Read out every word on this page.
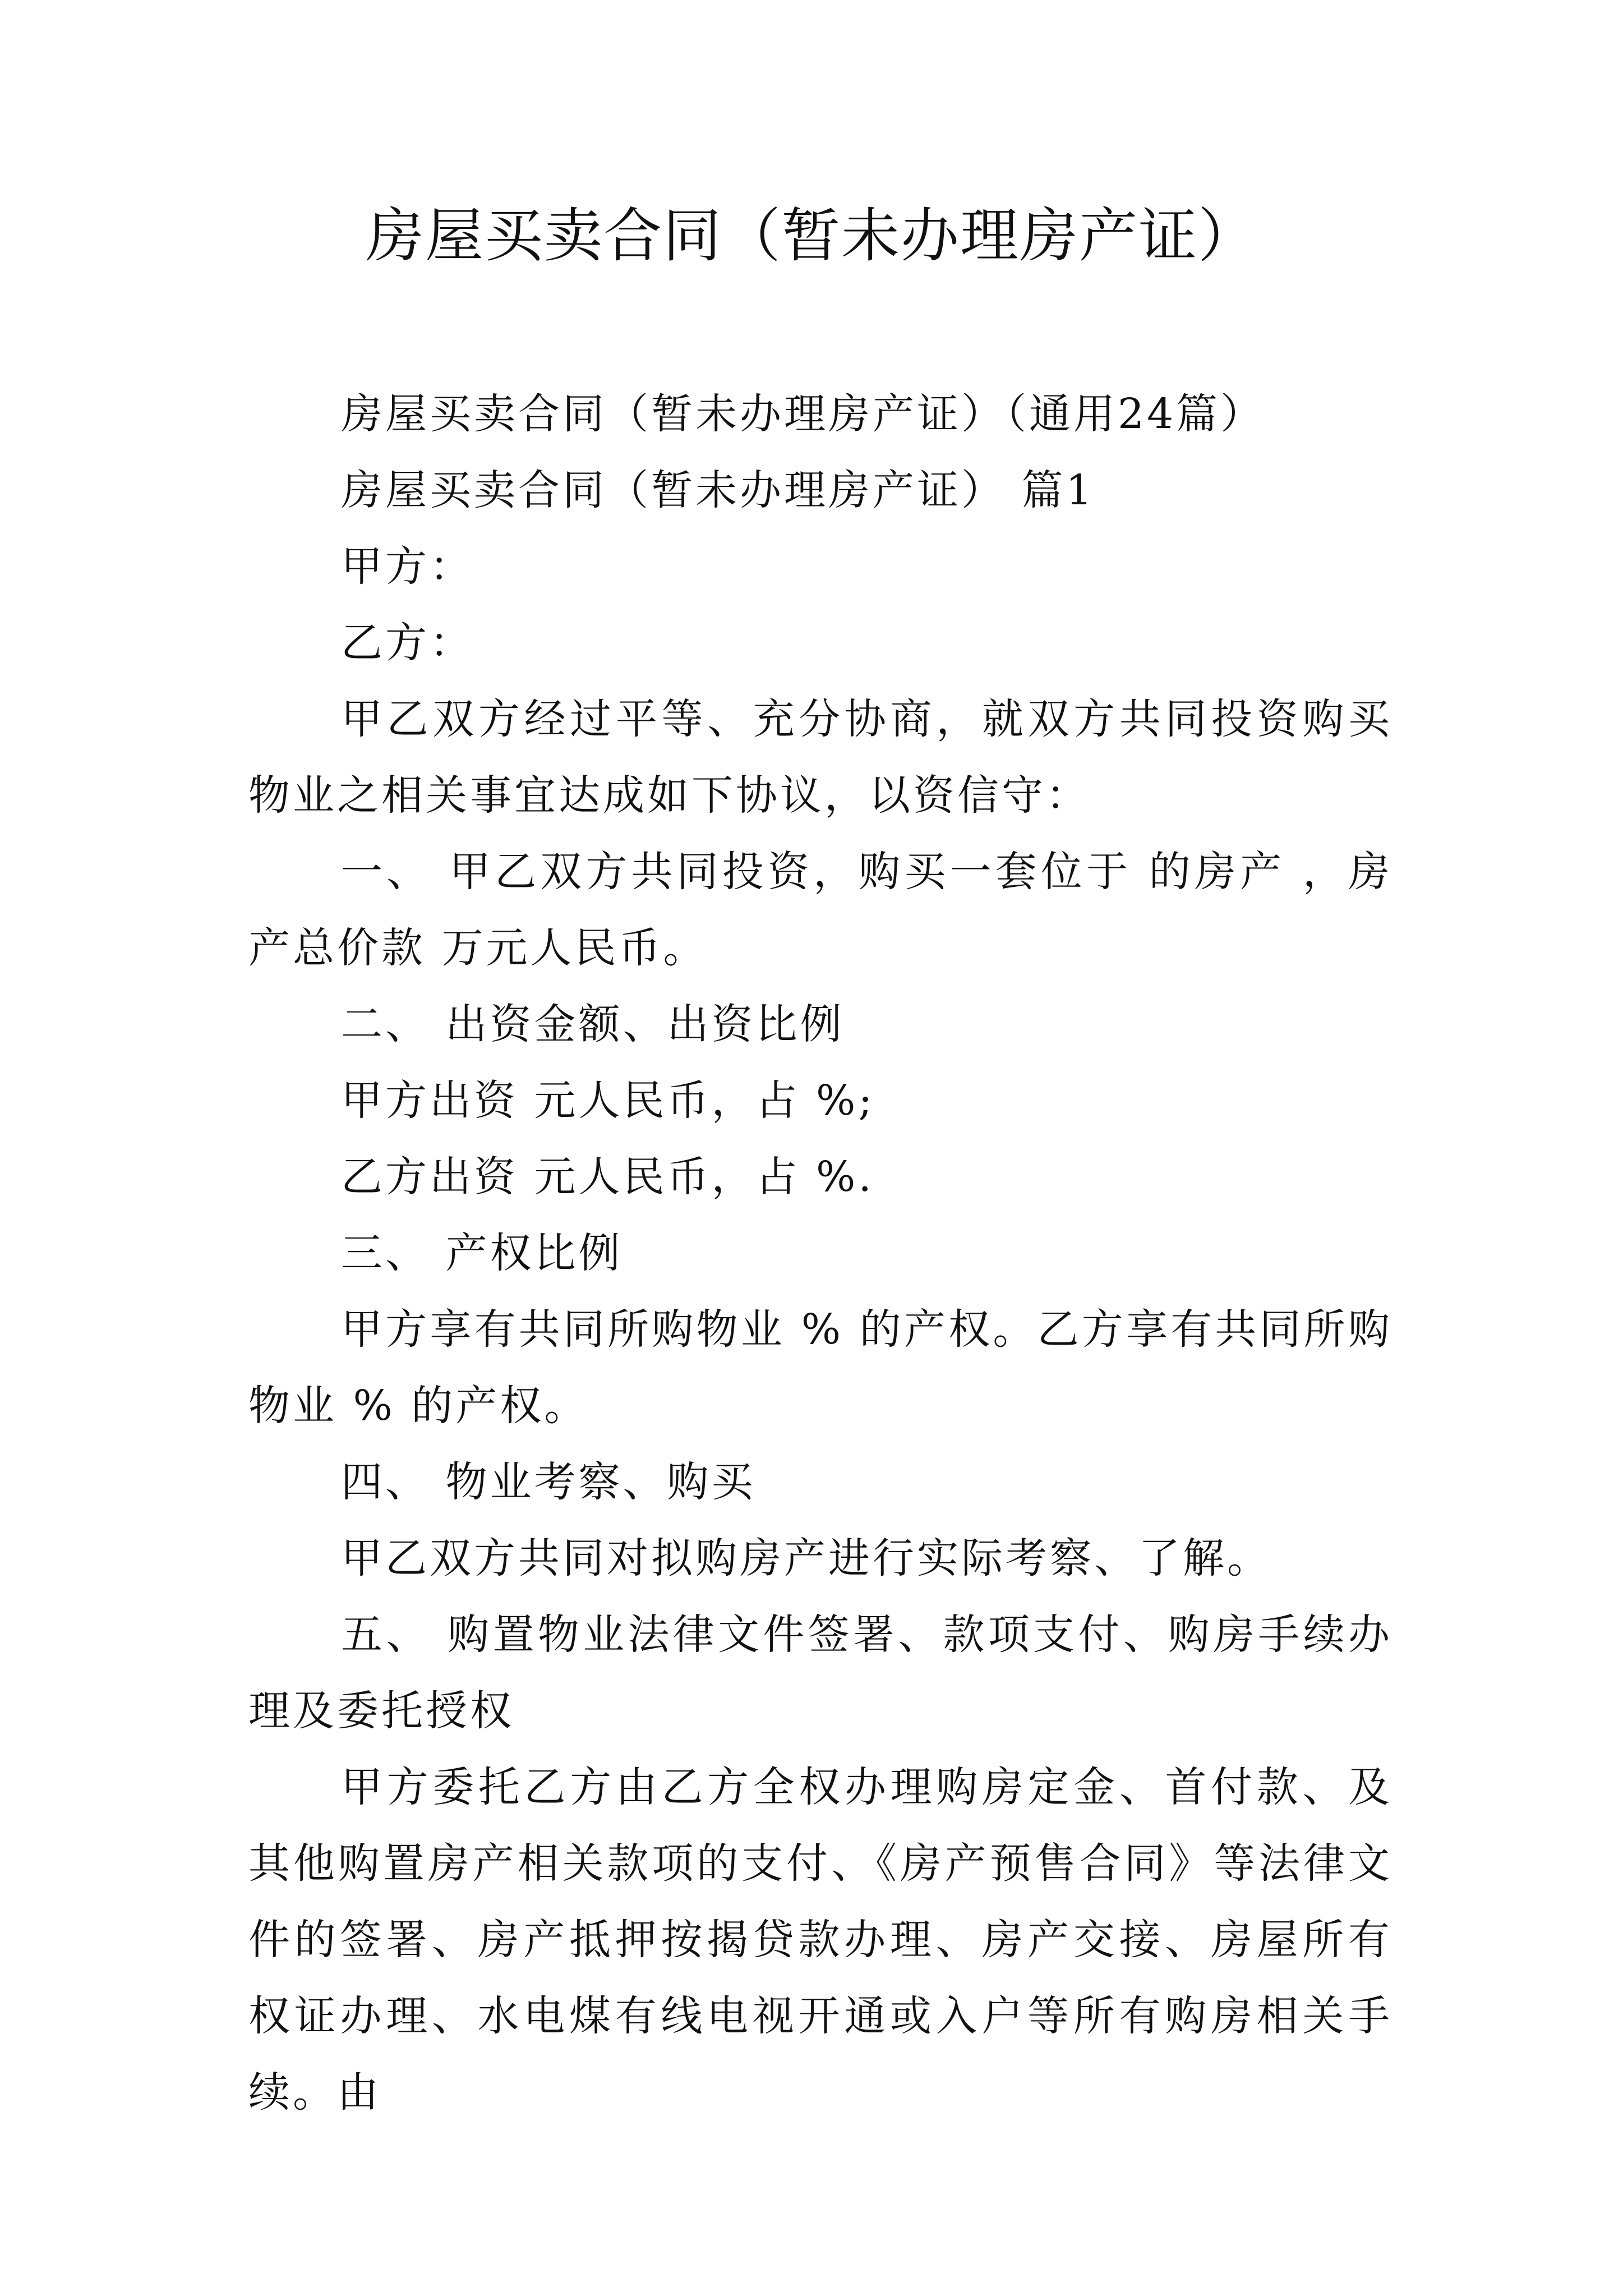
房屋买卖合同（暂未办理房产证）

房屋买卖合同（暂未办理房产证）（通用24篇）

房屋买卖合同（暂未办理房产证） 篇1

甲方：

乙方：

甲乙双方经过平等、充分协商，就双方共同投资购买物业之相关事宜达成如下协议，以资信守：

一、 甲乙双方共同投资，购买一套位于 的房产 ，房产总价款 万元人民币。

二、 出资金额、出资比例

甲方出资 元人民币，占 %;

乙方出资 元人民币，占 %.

三、 产权比例

甲方享有共同所购物业 % 的产权。乙方享有共同所购物业 % 的产权。

四、 物业考察、购买

甲乙双方共同对拟购房产进行实际考察、了解。

五、 购置物业法律文件签署、款项支付、购房手续办理及委托授权

甲方委托乙方由乙方全权办理购房定金、首付款、及其他购置房产相关款项的支付、《房产预售合同》等法律文件的签署、房产抵押按揭贷款办理、房产交接、房屋所有权证办理、水电煤有线电视开通或入户等所有购房相关手续。由
